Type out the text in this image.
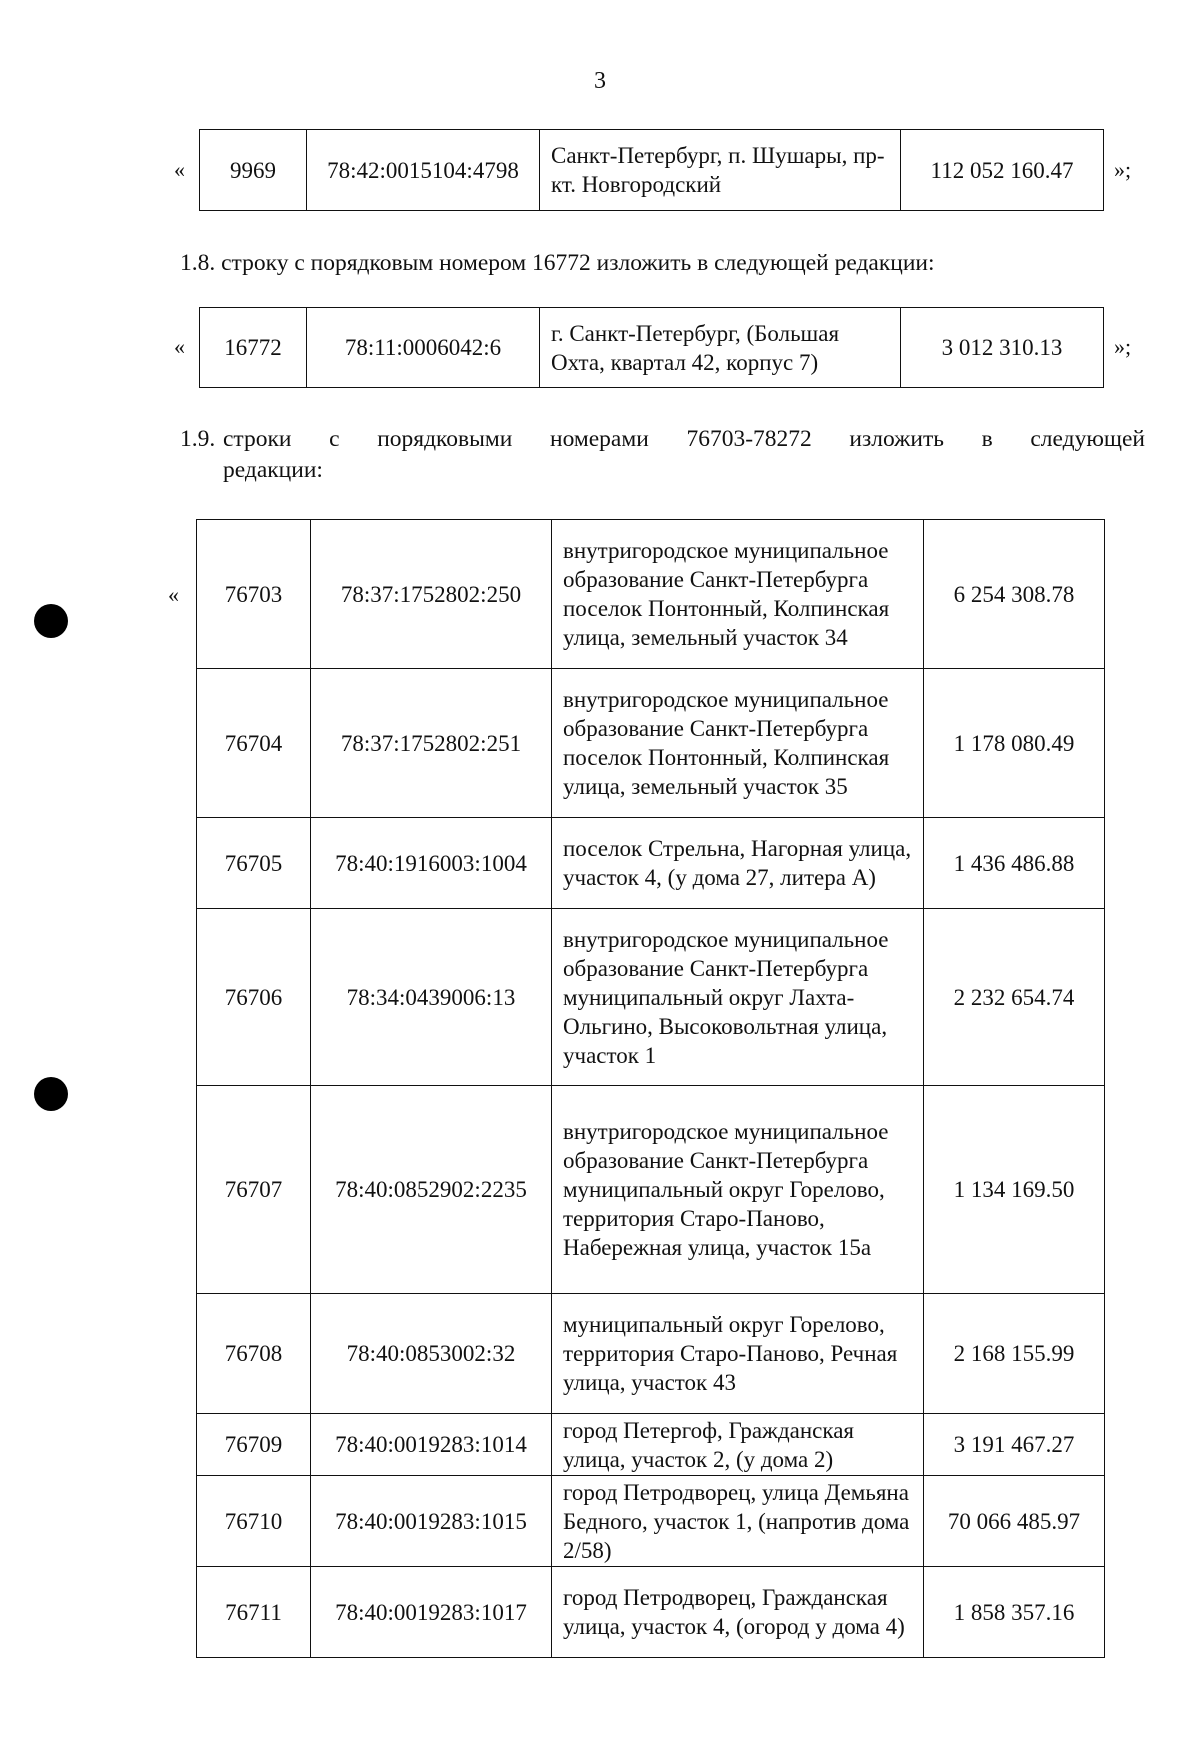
3
« 9969	78:42:0015104:4798	Санкт-Петербург, п. Шушары, пр-кт. Новгородский	112 052 160.47 »;
1.8. строку с порядковым номером 16772 изложить в следующей редакции:
« 16772	78:11:0006042:6	г. Санкт-Петербург, (Большая Охта, квартал 42, корпус 7)	3 012 310.13 »;
1.9. строки с порядковыми номерами 76703-78272 изложить в следующей
редакции:
« 76703	78:37:1752802:250	внутригородское муниципальное образование Санкт-Петербурга поселок Понтонный, Колпинская улица, земельный участок 34	6 254 308.78
76704	78:37:1752802:251	внутригородское муниципальное образование Санкт-Петербурга поселок Понтонный, Колпинская улица, земельный участок 35	1 178 080.49
76705	78:40:1916003:1004	поселок Стрельна, Нагорная улица, участок 4, (у дома 27, литера А)	1 436 486.88
76706	78:34:0439006:13	внутригородское муниципальное образование Санкт-Петербурга муниципальный округ Лахта-Ольгино, Высоковольтная улица, участок 1	2 232 654.74
76707	78:40:0852902:2235	внутригородское муниципальное образование Санкт-Петербурга муниципальный округ Горелово, территория Старо-Паново, Набережная улица, участок 15а	1 134 169.50
76708	78:40:0853002:32	муниципальный округ Горелово, территория Старо-Паново, Речная улица, участок 43	2 168 155.99
76709	78:40:0019283:1014	город Петергоф, Гражданская улица, участок 2, (у дома 2)	3 191 467.27
76710	78:40:0019283:1015	город Петродворец, улица Демьяна Бедного, участок 1, (напротив дома 2/58)	70 066 485.97
76711	78:40:0019283:1017	город Петродворец, Гражданская улица, участок 4, (огород у дома 4)	1 858 357.16
